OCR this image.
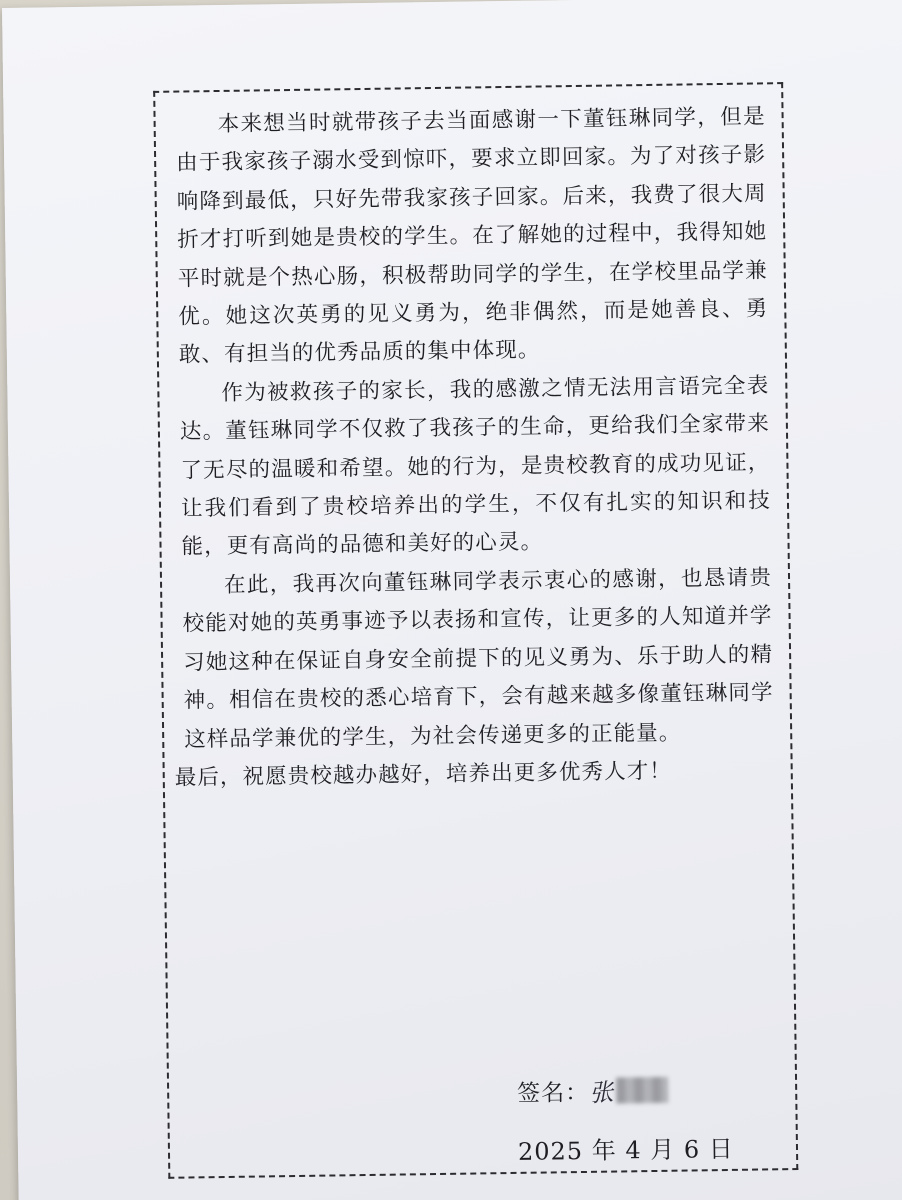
本来想当时就带孩子去当面感谢一下董钰琳同学，但是由于我家孩子溺水受到惊吓，要求立即回家。为了对孩子影响降到最低，只好先带我家孩子回家。后来，我费了很大周折才打听到她是贵校的学生。在了解她的过程中，我得知她平时就是个热心肠，积极帮助同学的学生，在学校里品学兼优。她这次英勇的见义勇为，绝非偶然，而是她善良、勇敢、有担当的优秀品质的集中体现。

作为被救孩子的家长，我的感激之情无法用言语完全表达。董钰琳同学不仅救了我孩子的生命，更给我们全家带来了无尽的温暖和希望。她的行为，是贵校教育的成功见证，让我们看到了贵校培养出的学生，不仅有扎实的知识和技能，更有高尚的品德和美好的心灵。

在此，我再次向董钰琳同学表示衷心的感谢，也恳请贵校能对她的英勇事迹予以表扬和宣传，让更多的人知道并学习她这种在保证自身安全前提下的见义勇为、乐于助人的精神。相信在贵校的悉心培育下，会有越来越多像董钰琳同学这样品学兼优的学生，为社会传递更多的正能量。

最后，祝愿贵校越办越好，培养出更多优秀人才！

签名： 张
2025 年 4 月 6 日
